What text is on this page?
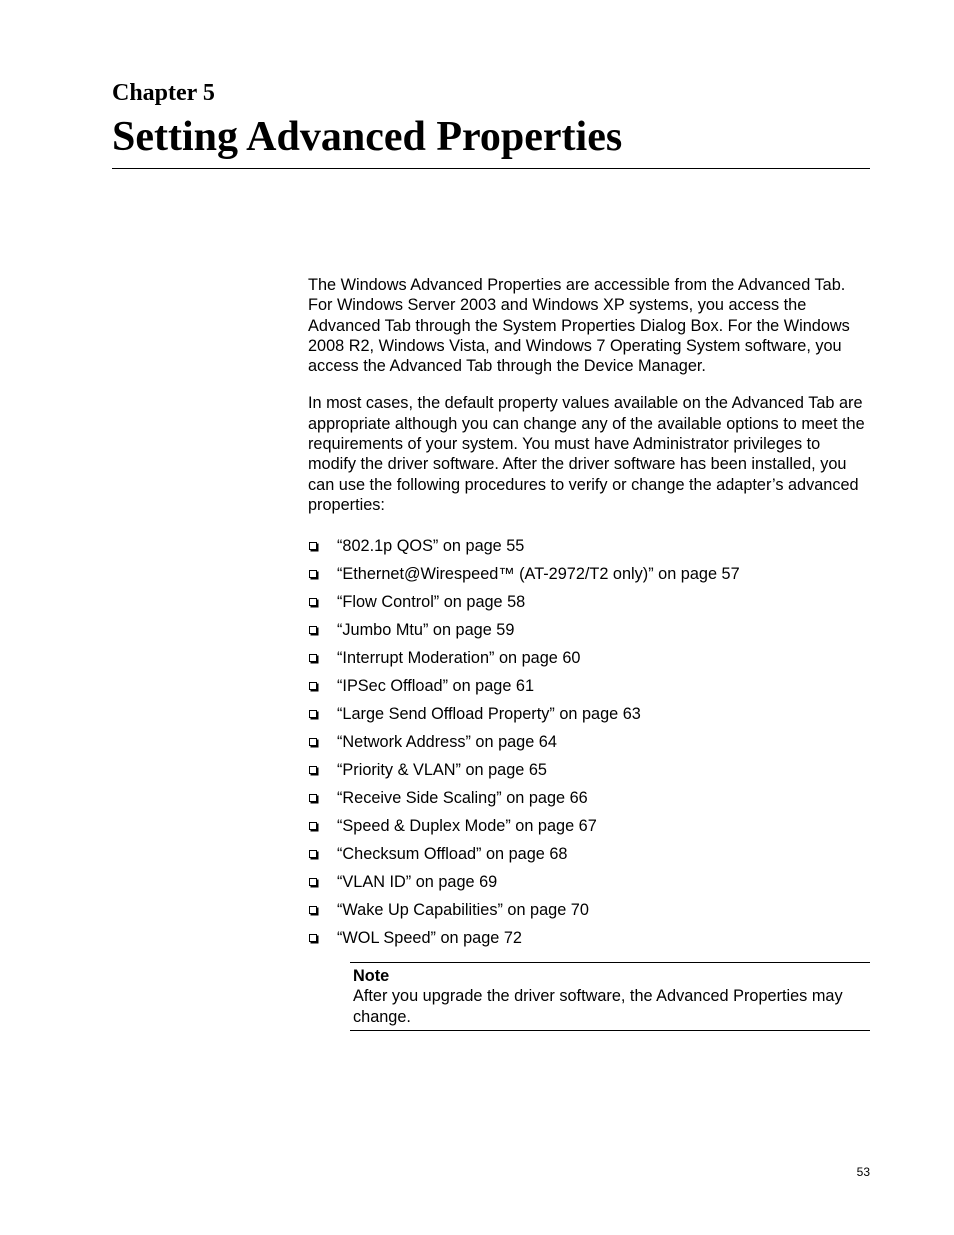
Chapter 5
Setting Advanced Properties

The Windows Advanced Properties are accessible from the Advanced Tab. For Windows Server 2003 and Windows XP systems, you access the Advanced Tab through the System Properties Dialog Box. For the Windows 2008 R2, Windows Vista, and Windows 7 Operating System software, you access the Advanced Tab through the Device Manager.

In most cases, the default property values available on the Advanced Tab are appropriate although you can change any of the available options to meet the requirements of your system. You must have Administrator privileges to modify the driver software. After the driver software has been installed, you can use the following procedures to verify or change the adapter’s advanced properties:

“802.1p QOS” on page 55
“Ethernet@Wirespeed™ (AT-2972/T2 only)” on page 57
“Flow Control” on page 58
“Jumbo Mtu” on page 59
“Interrupt Moderation” on page 60
“IPSec Offload” on page 61
“Large Send Offload Property” on page 63
“Network Address” on page 64
“Priority & VLAN” on page 65
“Receive Side Scaling” on page 66
“Speed & Duplex Mode” on page 67
“Checksum Offload” on page 68
“VLAN ID” on page 69
“Wake Up Capabilities” on page 70
“WOL Speed” on page 72
Note
After you upgrade the driver software, the Advanced Properties may change.
53
